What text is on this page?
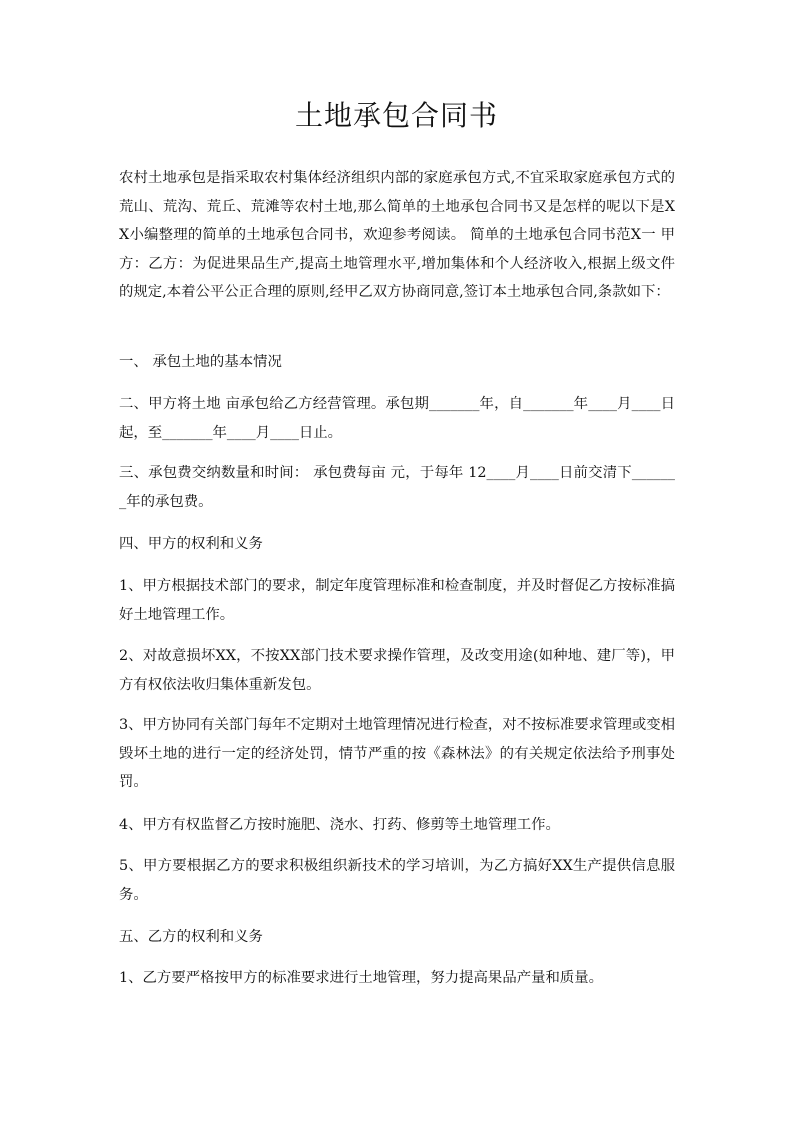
土地承包合同书

农村土地承包是指采取农村集体经济组织内部的家庭承包方式,不宜采取家庭承包方式的荒山、荒沟、荒丘、荒滩等农村土地,那么简单的土地承包合同书又是怎样的呢以下是XX小编整理的简单的土地承包合同书，欢迎参考阅读。 简单的土地承包合同书范X一 甲方：乙方：为促进果品生产,提高土地管理水平,增加集体和个人经济收入,根据上级文件的规定,本着公平公正合理的原则,经甲乙双方协商同意,签订本土地承包合同,条款如下：

一、 承包土地的基本情况

二、甲方将土地 亩承包给乙方经营管理。承包期_______年，自_______年____月____日起，至_______年____月____日止。

三、承包费交纳数量和时间： 承包费每亩 元，于每年 12____月____日前交清下_______年的承包费。

四、甲方的权利和义务

1、甲方根据技术部门的要求，制定年度管理标准和检查制度，并及时督促乙方按标准搞好土地管理工作。

2、对故意损坏XX，不按XX部门技术要求操作管理，及改变用途(如种地、建厂等)，甲方有权依法收归集体重新发包。

3、甲方协同有关部门每年不定期对土地管理情况进行检查，对不按标准要求管理或变相毁坏土地的进行一定的经济处罚，情节严重的按《森林法》的有关规定依法给予刑事处罚。

4、甲方有权监督乙方按时施肥、浇水、打药、修剪等土地管理工作。

5、甲方要根据乙方的要求积极组织新技术的学习培训，为乙方搞好XX生产提供信息服务。

五、乙方的权利和义务

1、乙方要严格按甲方的标准要求进行土地管理，努力提高果品产量和质量。
